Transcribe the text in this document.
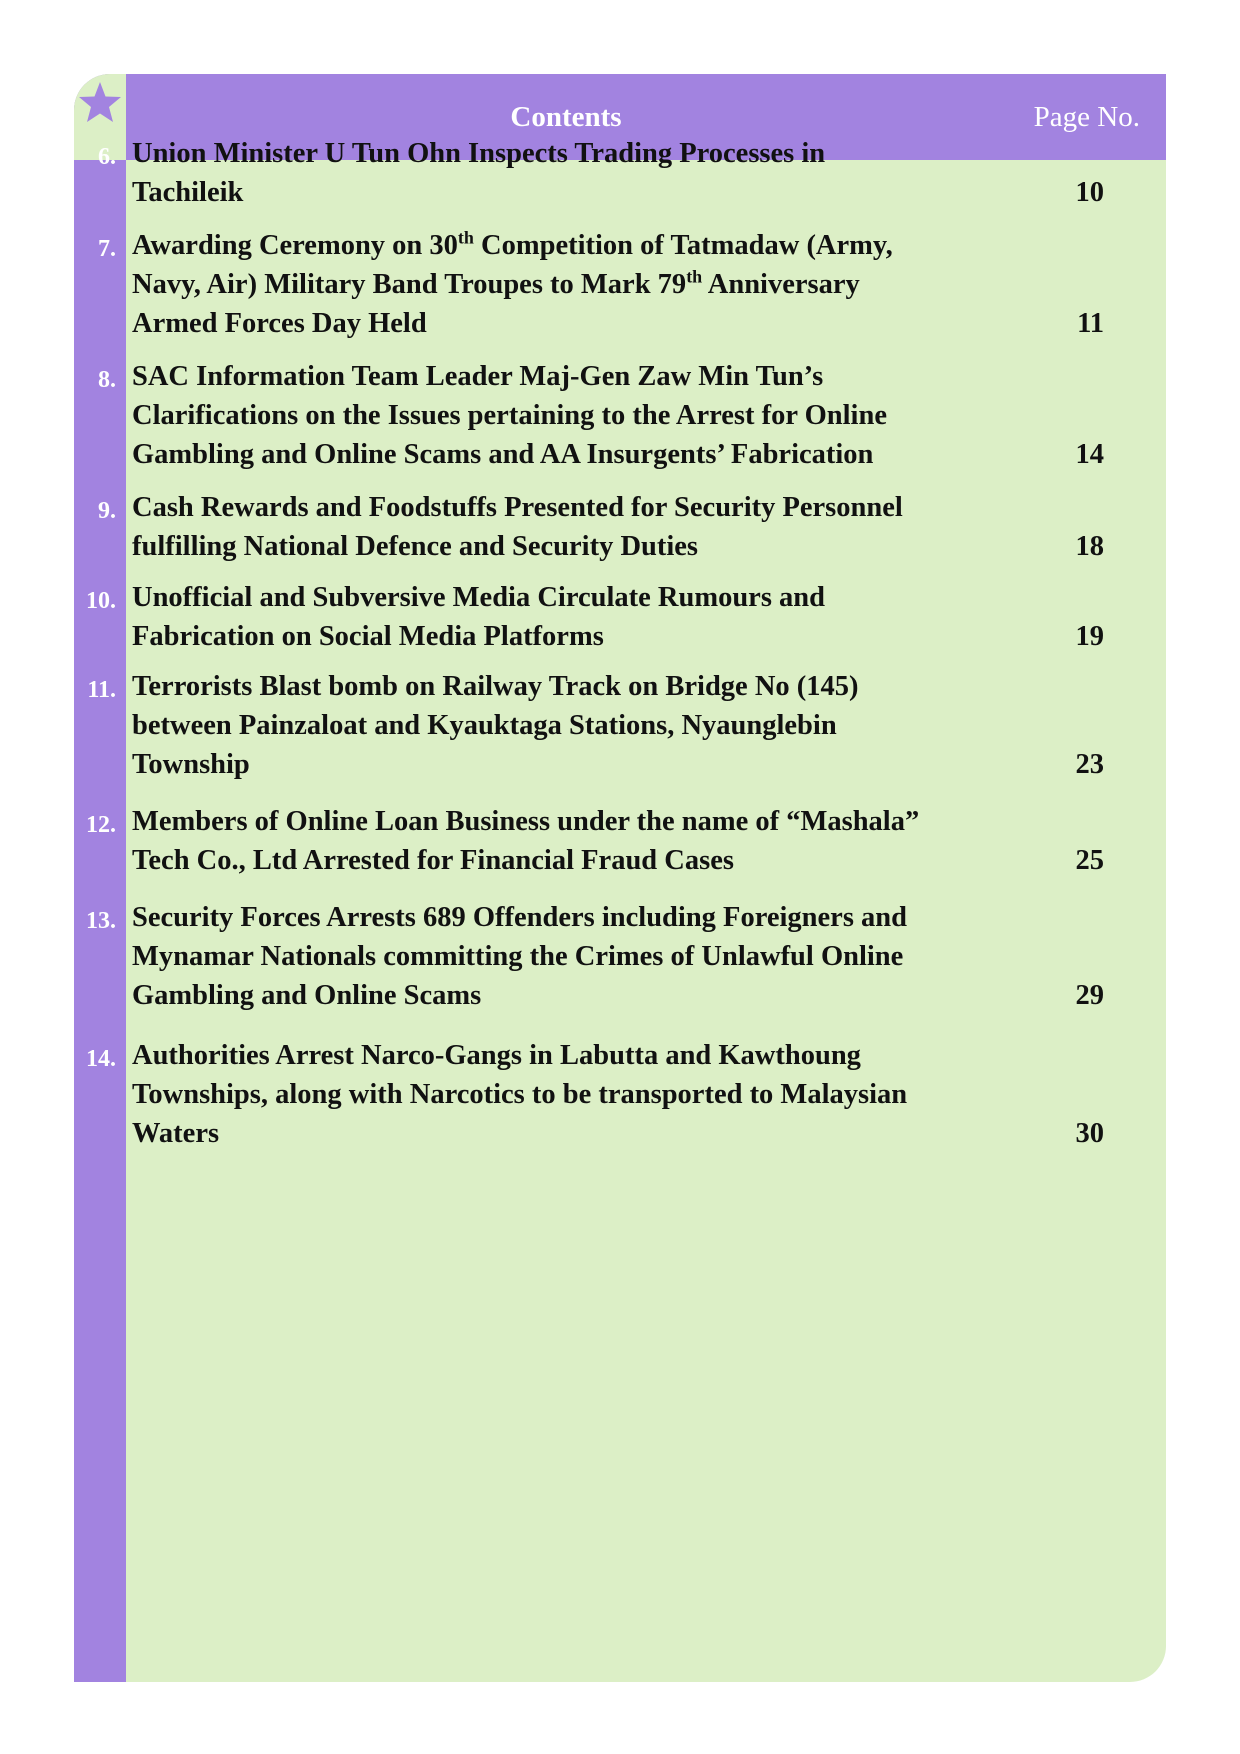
Contents	Page No.
6. Union Minister U Tun Ohn Inspects Trading Processes in
Tachileik	10
7. Awarding Ceremony on 30th Competition of Tatmadaw (Army,
Navy, Air) Military Band Troupes to Mark 79th Anniversary
Armed Forces Day Held	11
8. SAC Information Team Leader Maj-Gen Zaw Min Tun’s
Clarifications on the Issues pertaining to the Arrest for Online
Gambling and Online Scams and AA Insurgents’ Fabrication	14
9. Cash Rewards and Foodstuffs Presented for Security Personnel
fulfilling National Defence and Security Duties	18
10. Unofficial and Subversive Media Circulate Rumours and
Fabrication on Social Media Platforms	19
11. Terrorists Blast bomb on Railway Track on Bridge No (145)
between Painzaloat and Kyauktaga Stations, Nyaunglebin
Township	23
12. Members of Online Loan Business under the name of “Mashala”
Tech Co., Ltd Arrested for Financial Fraud Cases	25
13. Security Forces Arrests 689 Offenders including Foreigners and
Mynamar Nationals committing the Crimes of Unlawful Online
Gambling and Online Scams	29
14. Authorities Arrest Narco-Gangs in Labutta and Kawthoung
Townships, along with Narcotics to be transported to Malaysian
Waters	30
